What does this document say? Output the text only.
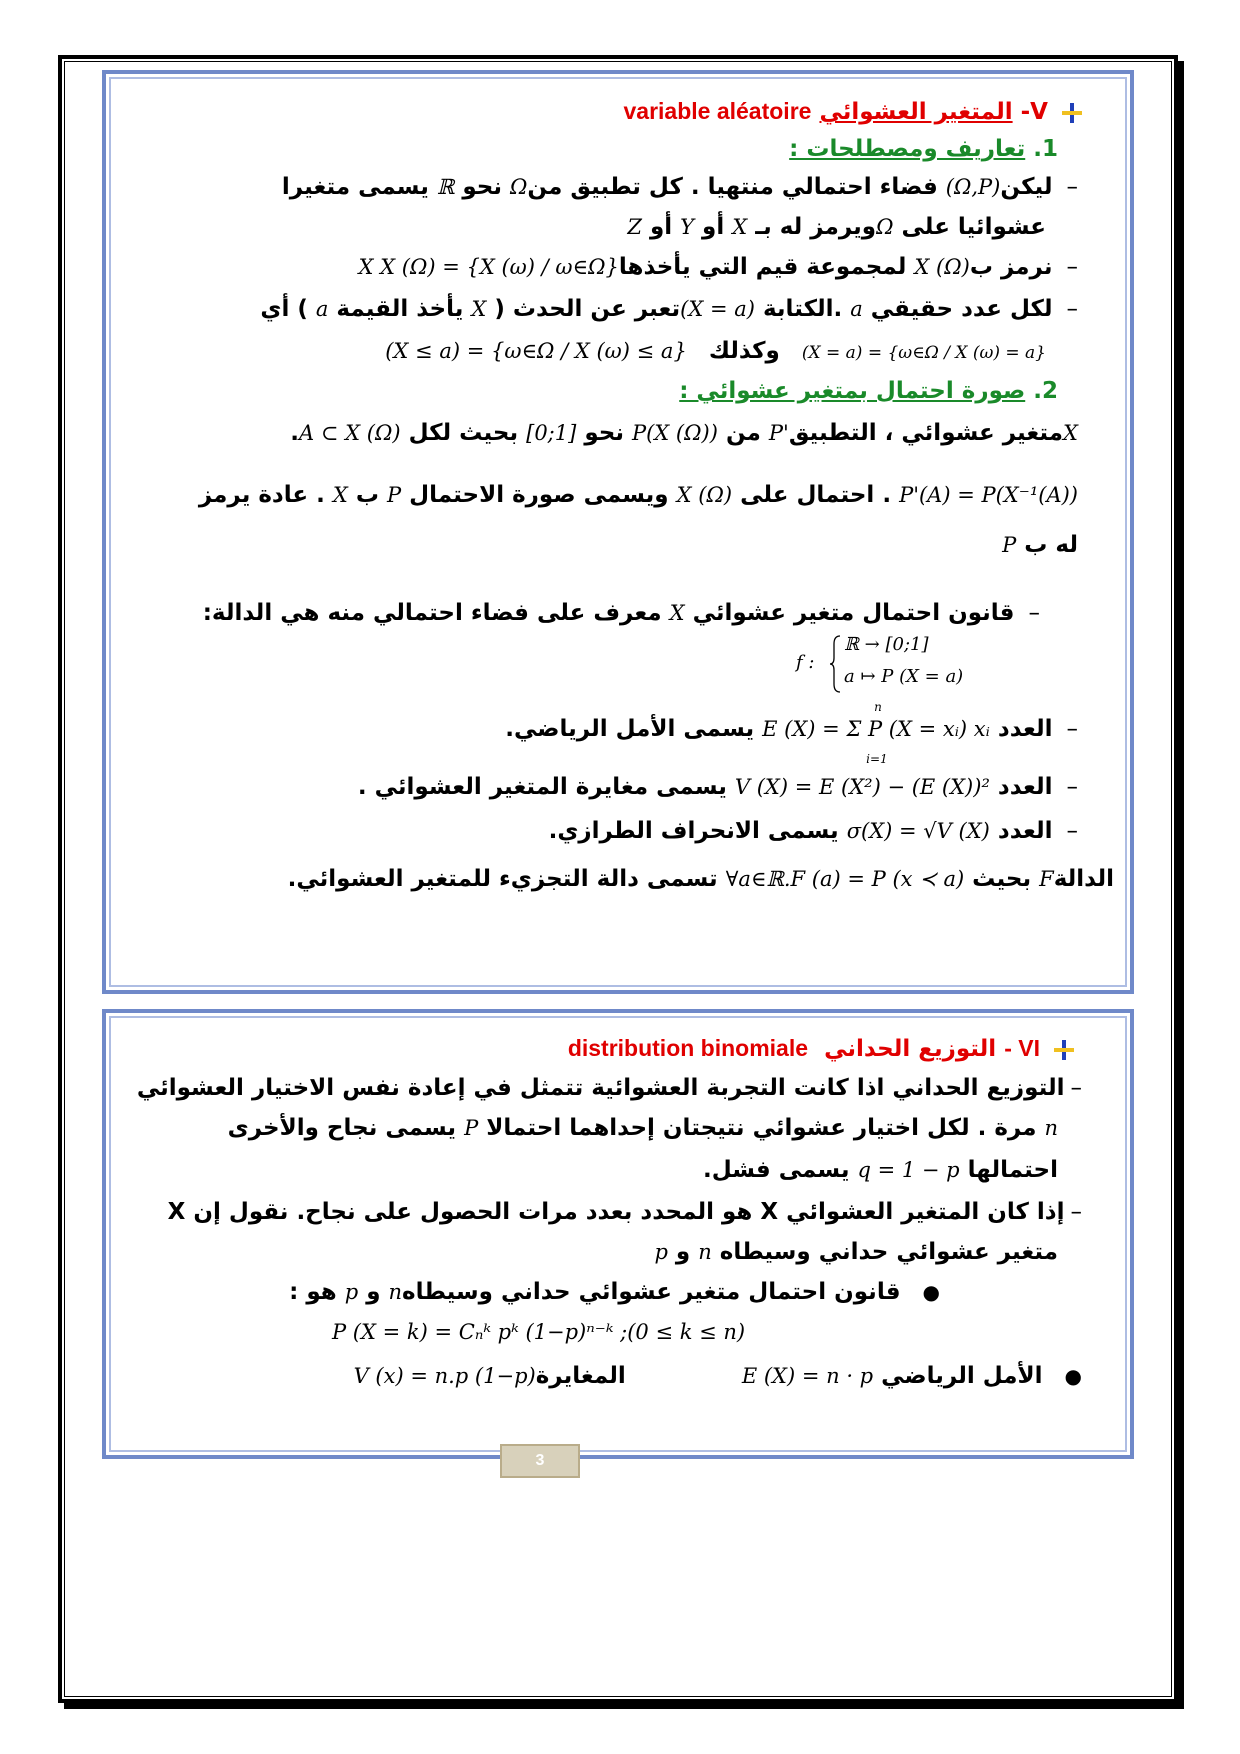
V- المتغير العشوائي variable aléatoire
1. تعاريف ومصطلحات :
– ليكن(Ω,P) فضاء احتمالي منتهيا . كل تطبيق منΩ نحو ℝ يسمى متغيرا
عشوائيا على Ωويرمز له بـ X أو Y أو Z
– نرمز بX (Ω) لمجموعة قيم التي يأخذهاX X (Ω) = {X (ω) / ω∈Ω}
– لكل عدد حقيقي a .الكتابة (X = a)تعبر عن الحدث ( X يأخذ القيمة a ) أي
(X = a) = {ω∈Ω / X (ω) = a} وكذلك (X ≤ a) = {ω∈Ω / X (ω) ≤ a}
2. صورة احتمال بمتغير عشوائي :
Xمتغير عشوائي ، التطبيقP' من P(X (Ω)) نحو [0;1] بحيث لكل A ⊂ X (Ω).
P'(A) = P(X⁻¹(A)) . احتمال على X (Ω) ويسمى صورة الاحتمال P ب X . عادة يرمز
له ب P
– قانون احتمال متغير عشوائي X معرف على فضاء احتمالي منه هي الدالة:
f :
ℝ → [0;1]
a ↦ P (X = a)
– العدد E (X) = Σ P (X = xᵢ) xᵢ
n
i=1
يسمى الأمل الرياضي.
– العدد V (X) = E (X²) − (E (X))² يسمى مغايرة المتغير العشوائي .
– العدد σ(X) = √V (X) يسمى الانحراف الطرازي.
الدالةF بحيث ∀a∈ℝ.F (a) = P (x ≺ a) تسمى دالة التجزيء للمتغير العشوائي.
VI - التوزيع الحداني distribution binomiale
–التوزيع الحداني اذا كانت التجربة العشوائية تتمثل في إعادة نفس الاختيار العشوائي
n مرة . لكل اختيار عشوائي نتيجتان إحداهما احتمالا P يسمى نجاح والأخرى
احتمالها q = 1 − p يسمى فشل.
–إذا كان المتغير العشوائي X هو المحدد بعدد مرات الحصول على نجاح. نقول إن X
متغير عشوائي حداني وسيطاه n و p
● قانون احتمال متغير عشوائي حداني وسيطاهn و p هو :
P (X = k) = Cₙᵏ pᵏ (1−p)ⁿ⁻ᵏ ;(0 ≤ k ≤ n)
● الأمل الرياضي E (X) = n · p  المغايرةV (x) = n.p (1−p)
3
